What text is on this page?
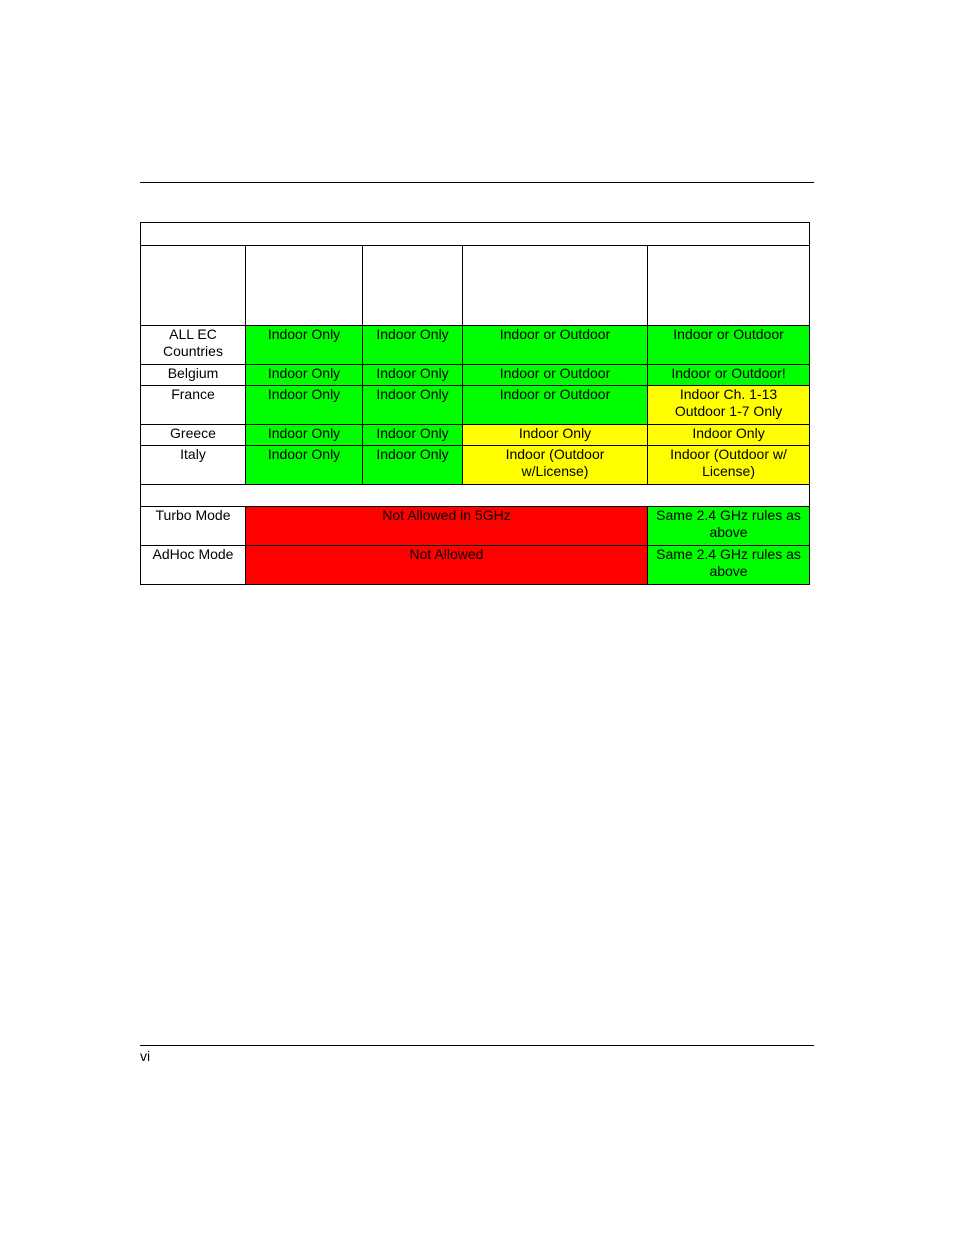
ALL EC Countries	Indoor Only	Indoor Only	Indoor or Outdoor	Indoor or Outdoor
Belgium	Indoor Only	Indoor Only	Indoor or Outdoor	Indoor or Outdoor!
France	Indoor Only	Indoor Only	Indoor or Outdoor	Indoor Ch. 1-13 Outdoor 1-7 Only
Greece	Indoor Only	Indoor Only	Indoor Only	Indoor Only
Italy	Indoor Only	Indoor Only	Indoor (Outdoor w/License)	Indoor (Outdoor w/ License)

Turbo Mode	Not Allowed in 5GHz			Same 2.4 GHz rules as above
AdHoc Mode	Not Allowed			Same 2.4 GHz rules as above
vi
